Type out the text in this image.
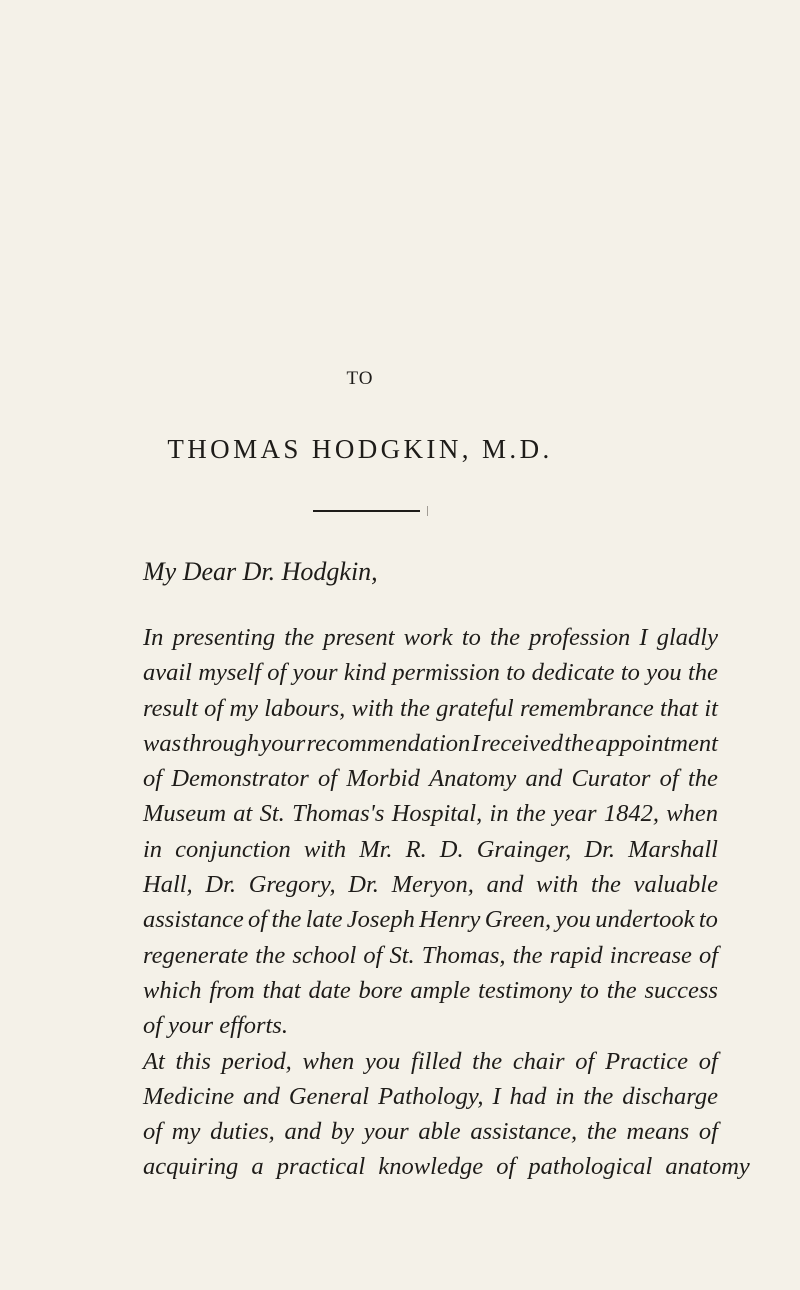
TO
THOMAS HODGKIN, M.D.
My Dear Dr. Hodgkin,
In presenting the present work to the profession I gladly
avail myself of your kind permission to dedicate to you the
result of my labours, with the grateful remembrance that it
was through your recommendation I received the appointment
of Demonstrator of Morbid Anatomy and Curator of the
Museum at St. Thomas's Hospital, in the year 1842, when
in conjunction with Mr. R. D. Grainger, Dr. Marshall
Hall, Dr. Gregory, Dr. Meryon, and with the valuable
assistance of the late Joseph Henry Green, you undertook to
regenerate the school of St. Thomas, the rapid increase of
which from that date bore ample testimony to the success
of your efforts.
At this period, when you filled the chair of Practice of
Medicine and General Pathology, I had in the discharge
of my duties, and by your able assistance, the means of
acquiring a practical knowledge of pathological anatomy
